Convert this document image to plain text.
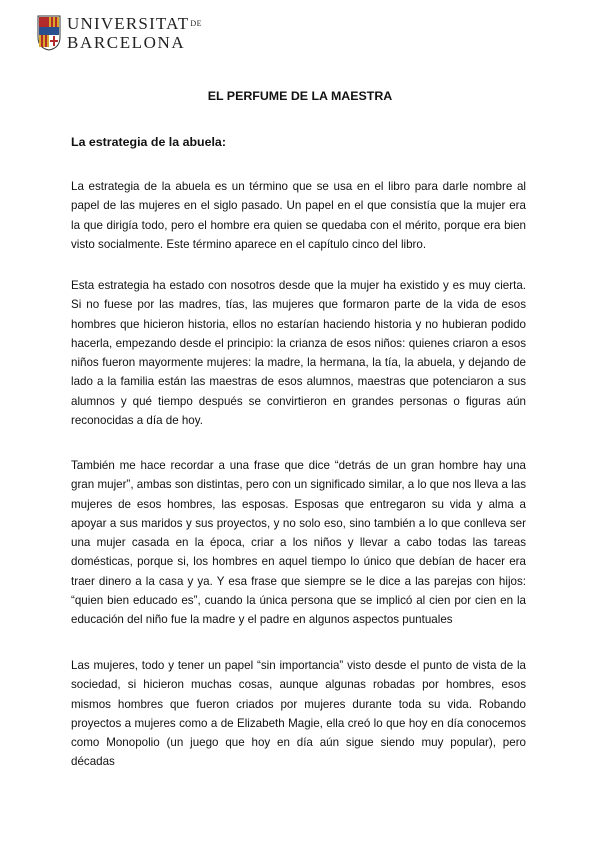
UNIVERSITATDE
BARCELONA
EL PERFUME DE LA MAESTRA
La estrategia de la abuela:

La estrategia de la abuela es un término que se usa en el libro para darle nombre al papel de las mujeres en el siglo pasado. Un papel en el que consistía que la mujer era la que dirigía todo, pero el hombre era quien se quedaba con el mérito, porque era bien visto socialmente. Este término aparece en el capítulo cinco del libro.

Esta estrategia ha estado con nosotros desde que la mujer ha existido y es muy cierta. Si no fuese por las madres, tías, las mujeres que formaron parte de la vida de esos hombres que hicieron historia, ellos no estarían haciendo historia y no hubieran podido hacerla, empezando desde el principio: la crianza de esos niños: quienes criaron a esos niños fueron mayormente mujeres: la madre, la hermana, la tía, la abuela, y dejando de lado a la familia están las maestras de esos alumnos, maestras que potenciaron a sus alumnos y qué tiempo después se convirtieron en grandes personas o figuras aún reconocidas a día de hoy.

También me hace recordar a una frase que dice “detrás de un gran hombre hay una gran mujer”, ambas son distintas, pero con un significado similar, a lo que nos lleva a las mujeres de esos hombres, las esposas. Esposas que entregaron su vida y alma a apoyar a sus maridos y sus proyectos, y no solo eso, sino también a lo que conlleva ser una mujer casada en la época, criar a los niños y llevar a cabo todas las tareas domésticas, porque si, los hombres en aquel tiempo lo único que debían de hacer era traer dinero a la casa y ya. Y esa frase que siempre se le dice a las parejas con hijos: “quien bien educado es”, cuando la única persona que se implicó al cien por cien en la educación del niño fue la madre y el padre en algunos aspectos puntuales

Las mujeres, todo y tener un papel “sin importancia” visto desde el punto de vista de la sociedad, si hicieron muchas cosas, aunque algunas robadas por hombres, esos mismos hombres que fueron criados por mujeres durante toda su vida. Robando proyectos a mujeres como a de Elizabeth Magie, ella creó lo que hoy en día conocemos como Monopolio (un juego que hoy en día aún sigue siendo muy popular), pero décadas
